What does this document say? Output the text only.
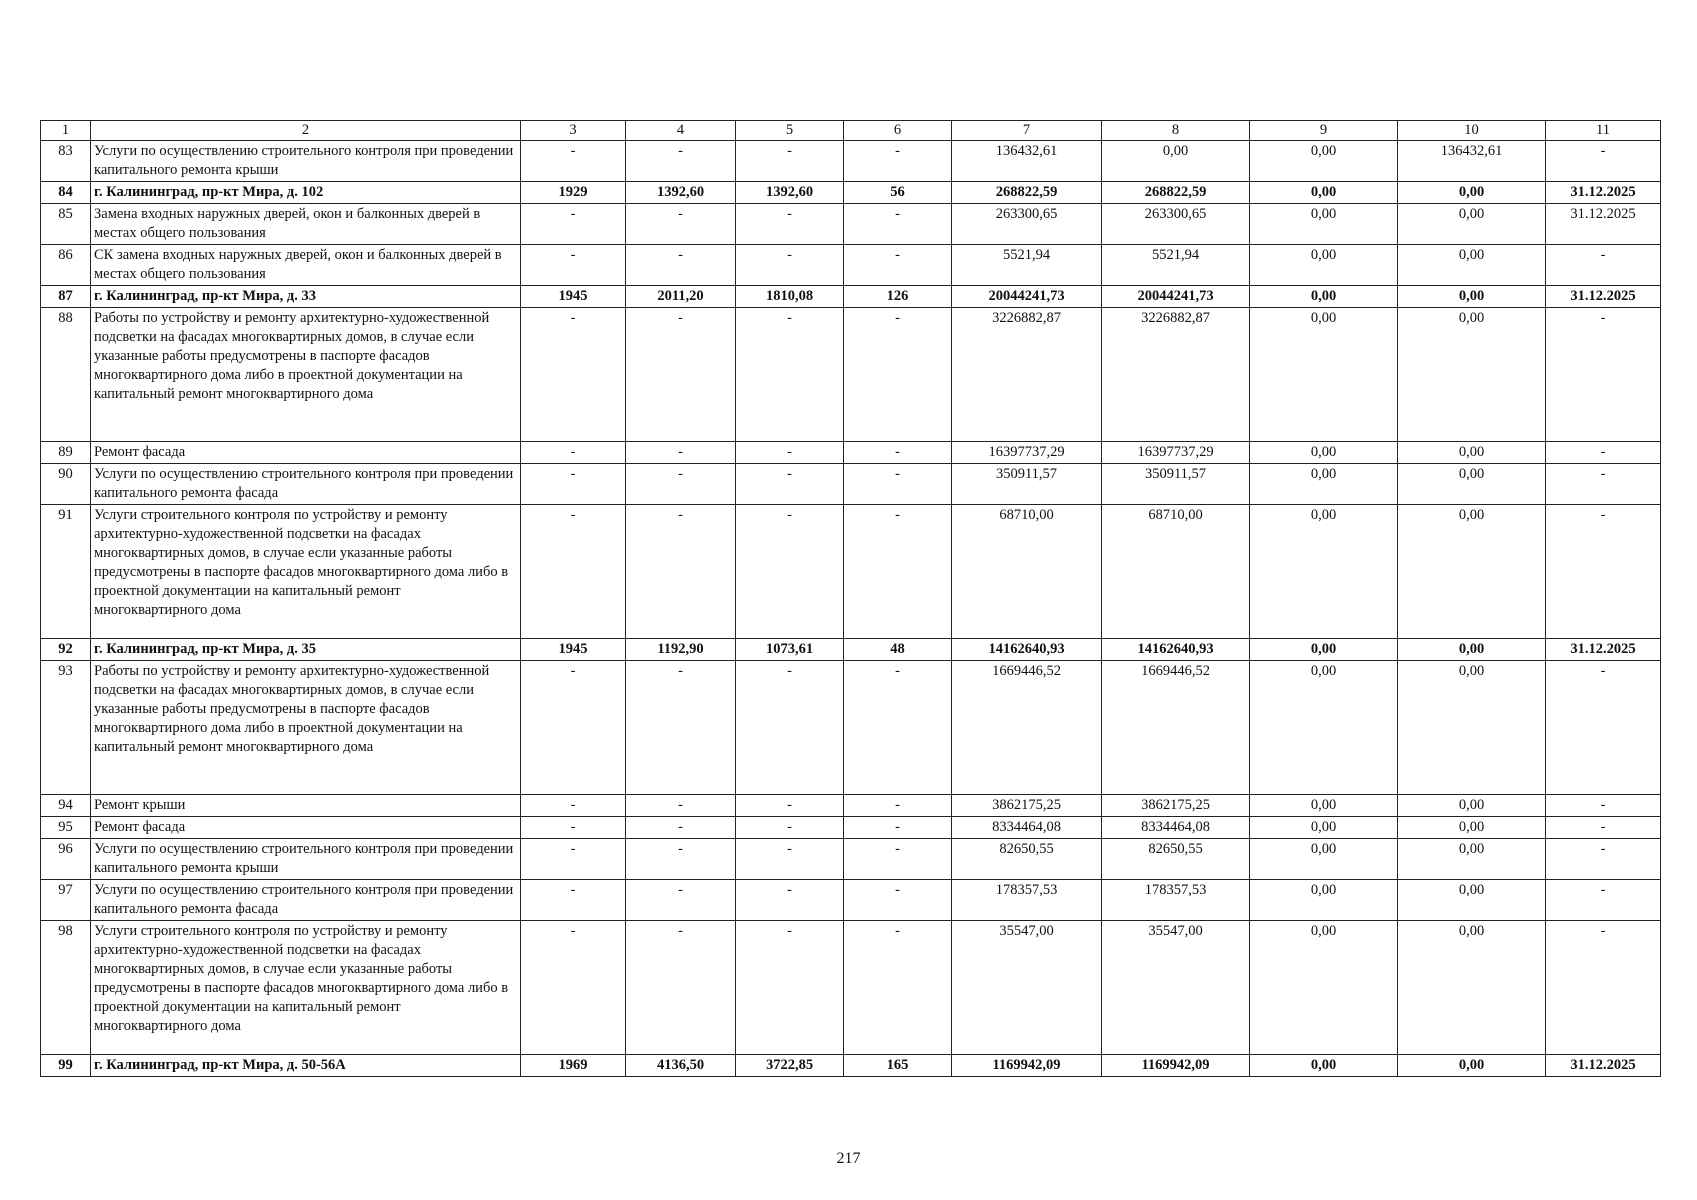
1	2	3	4	5	6	7	8	9	10	11
83	Услуги по осуществлению строительного контроля при проведении капитального ремонта крыши	-	-	-	-	136432,61	0,00	0,00	136432,61	-
84	г. Калининград, пр-кт Мира, д. 102	1929	1392,60	1392,60	56	268822,59	268822,59	0,00	0,00	31.12.2025
85	Замена входных наружных дверей, окон и балконных дверей в местах общего пользования	-	-	-	-	263300,65	263300,65	0,00	0,00	31.12.2025
86	СК замена входных наружных дверей, окон и балконных дверей в местах общего пользования	-	-	-	-	5521,94	5521,94	0,00	0,00	-
87	г. Калининград, пр-кт Мира, д. 33	1945	2011,20	1810,08	126	20044241,73	20044241,73	0,00	0,00	31.12.2025
88	Работы по устройству и ремонту архитектурно-художественной подсветки на фасадах многоквартирных домов, в случае если указанные работы предусмотрены в паспорте фасадов многоквартирного дома либо в проектной документации на капитальный ремонт многоквартирного дома	-	-	-	-	3226882,87	3226882,87	0,00	0,00	-
89	Ремонт фасада	-	-	-	-	16397737,29	16397737,29	0,00	0,00	-
90	Услуги по осуществлению строительного контроля при проведении капитального ремонта фасада	-	-	-	-	350911,57	350911,57	0,00	0,00	-
91	Услуги строительного контроля по устройству и ремонту архитектурно-художественной подсветки на фасадах многоквартирных домов, в случае если указанные работы предусмотрены в паспорте фасадов многоквартирного дома либо в проектной документации на капитальный ремонт многоквартирного дома	-	-	-	-	68710,00	68710,00	0,00	0,00	-
92	г. Калининград, пр-кт Мира, д. 35	1945	1192,90	1073,61	48	14162640,93	14162640,93	0,00	0,00	31.12.2025
93	Работы по устройству и ремонту архитектурно-художественной подсветки на фасадах многоквартирных домов, в случае если указанные работы предусмотрены в паспорте фасадов многоквартирного дома либо в проектной документации на капитальный ремонт многоквартирного дома	-	-	-	-	1669446,52	1669446,52	0,00	0,00	-
94	Ремонт крыши	-	-	-	-	3862175,25	3862175,25	0,00	0,00	-
95	Ремонт фасада	-	-	-	-	8334464,08	8334464,08	0,00	0,00	-
96	Услуги по осуществлению строительного контроля при проведении капитального ремонта крыши	-	-	-	-	82650,55	82650,55	0,00	0,00	-
97	Услуги по осуществлению строительного контроля при проведении капитального ремонта фасада	-	-	-	-	178357,53	178357,53	0,00	0,00	-
98	Услуги строительного контроля по устройству и ремонту архитектурно-художественной подсветки на фасадах многоквартирных домов, в случае если указанные работы предусмотрены в паспорте фасадов многоквартирного дома либо в проектной документации на капитальный ремонт многоквартирного дома	-	-	-	-	35547,00	35547,00	0,00	0,00	-
99	г. Калининград, пр-кт Мира, д. 50-56А	1969	4136,50	3722,85	165	1169942,09	1169942,09	0,00	0,00	31.12.2025
217
